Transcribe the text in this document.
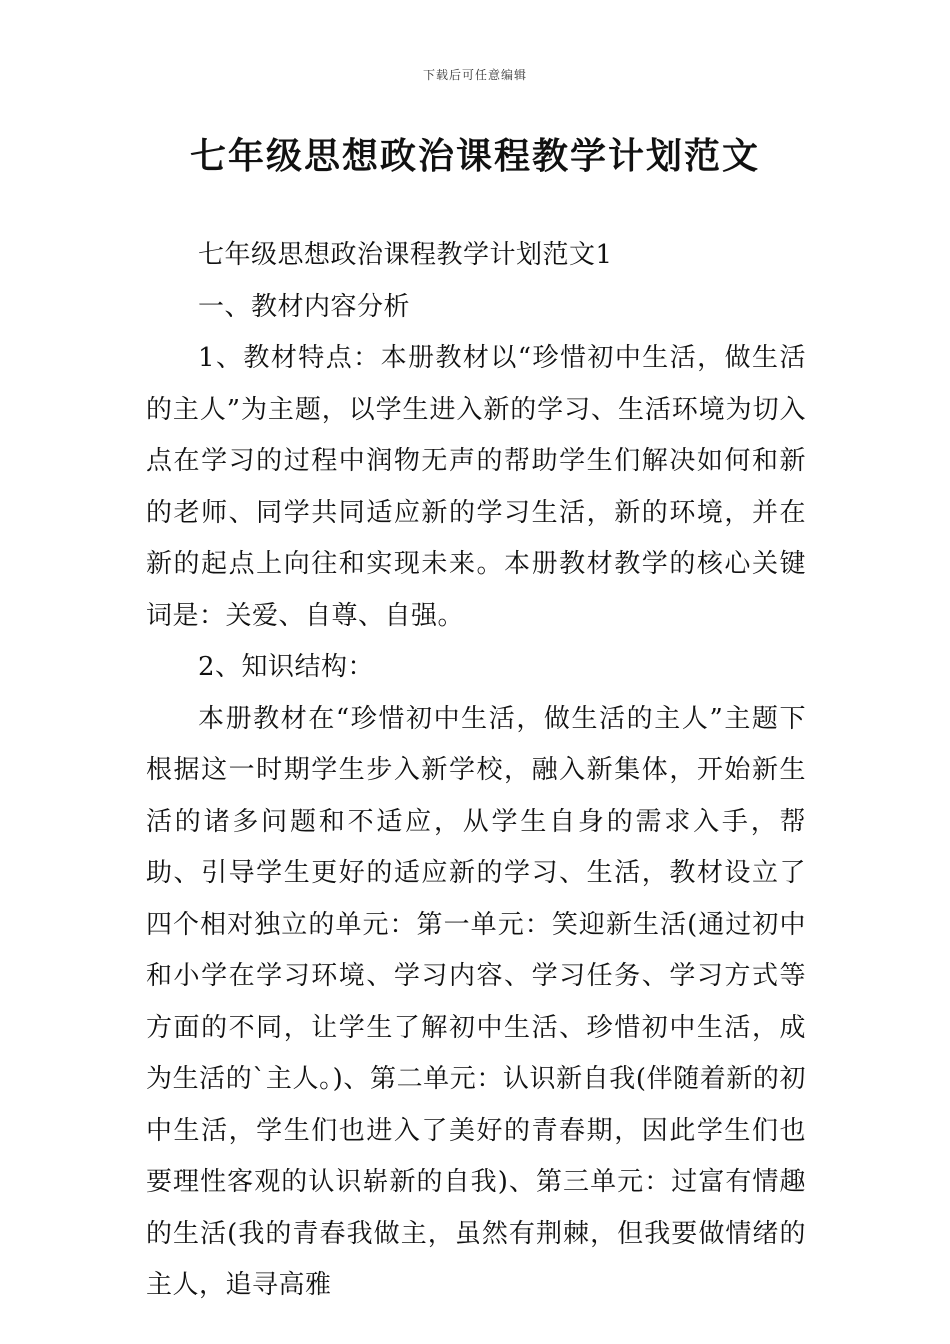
下载后可任意编辑
七年级思想政治课程教学计划范文

七年级思想政治课程教学计划范文1

一、教材内容分析

1、教材特点：本册教材以“珍惜初中生活，做生活的主人”为主题，以学生进入新的学习、生活环境为切入点在学习的过程中润物无声的帮助学生们解决如何和新的老师、同学共同适应新的学习生活，新的环境，并在新的起点上向往和实现未来。本册教材教学的核心关键词是：关爱、自尊、自强。

2、知识结构：

本册教材在“珍惜初中生活，做生活的主人”主题下根据这一时期学生步入新学校，融入新集体，开始新生活的诸多问题和不适应，从学生自身的需求入手，帮助、引导学生更好的适应新的学习、生活，教材设立了四个相对独立的单元：第一单元：笑迎新生活(通过初中和小学在学习环境、学习内容、学习任务、学习方式等方面的不同，让学生了解初中生活、珍惜初中生活，成为生活的`主人。)、第二单元：认识新自我(伴随着新的初中生活，学生们也进入了美好的青春期，因此学生们也要理性客观的认识崭新的自我)、第三单元：过富有情趣的生活(我的青春我做主，虽然有荆棘，但我要做情绪的主人，追寻高雅
